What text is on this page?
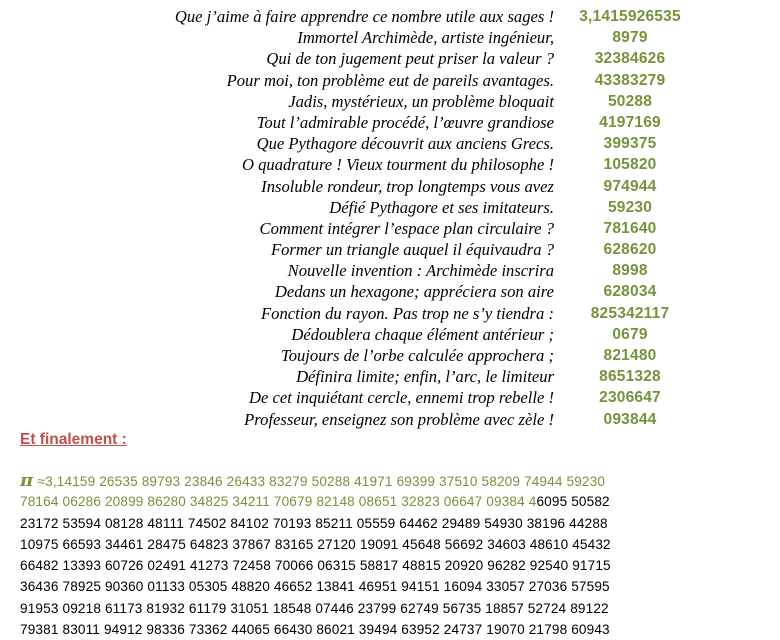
Que j’aime à faire apprendre ce nombre utile aux sages ! 3,1415926535
Immortel Archimède, artiste ingénieur,	8979
Qui de ton jugement peut priser la valeur ?	32384626
Pour moi, ton problème eut de pareils avantages.	43383279
Jadis, mystérieux, un problème bloquait	50288
Tout l’admirable procédé, l’œuvre grandiose	4197169
Que Pythagore découvrit aux anciens Grecs.	399375
O quadrature ! Vieux tourment du philosophe !	105820
Insoluble rondeur, trop longtemps vous avez	974944
Défié Pythagore et ses imitateurs.	59230
Comment intégrer l’espace plan circulaire ?	781640
Former un triangle auquel il équivaudra ?	628620
Nouvelle invention : Archimède inscrira	8998
Dedans un hexagone; appréciera son aire	628034
Fonction du rayon. Pas trop ne s’y tiendra : 825342117
Dédoublera chaque élément antérieur ;	0679
Toujours de l’orbe calculée approchera ;	821480
Définira limite; enfin, l’arc, le limiteur	8651328
De cet inquiétant cercle, ennemi trop rebelle !	2306647
Professeur, enseignez son problème avec zèle !	093844
Et finalement :
π ≈3,14159 26535 89793 23846 26433 83279 50288 41971 69399 37510 58209 74944 59230
78164 06286 20899 86280 34825 34211 70679 82148 08651 32823 06647 09384 46095 50582
23172 53594 08128 48111 74502 84102 70193 85211 05559 64462 29489 54930 38196 44288
10975 66593 34461 28475 64823 37867 83165 27120 19091 45648 56692 34603 48610 45432
66482 13393 60726 02491 41273 72458 70066 06315 58817 48815 20920 96282 92540 91715
36436 78925 90360 01133 05305 48820 46652 13841 46951 94151 16094 33057 27036 57595
91953 09218 61173 81932 61179 31051 18548 07446 23799 62749 56735 18857 52724 89122
79381 83011 94912 98336 73362 44065 66430 86021 39494 63952 24737 19070 21798 60943
